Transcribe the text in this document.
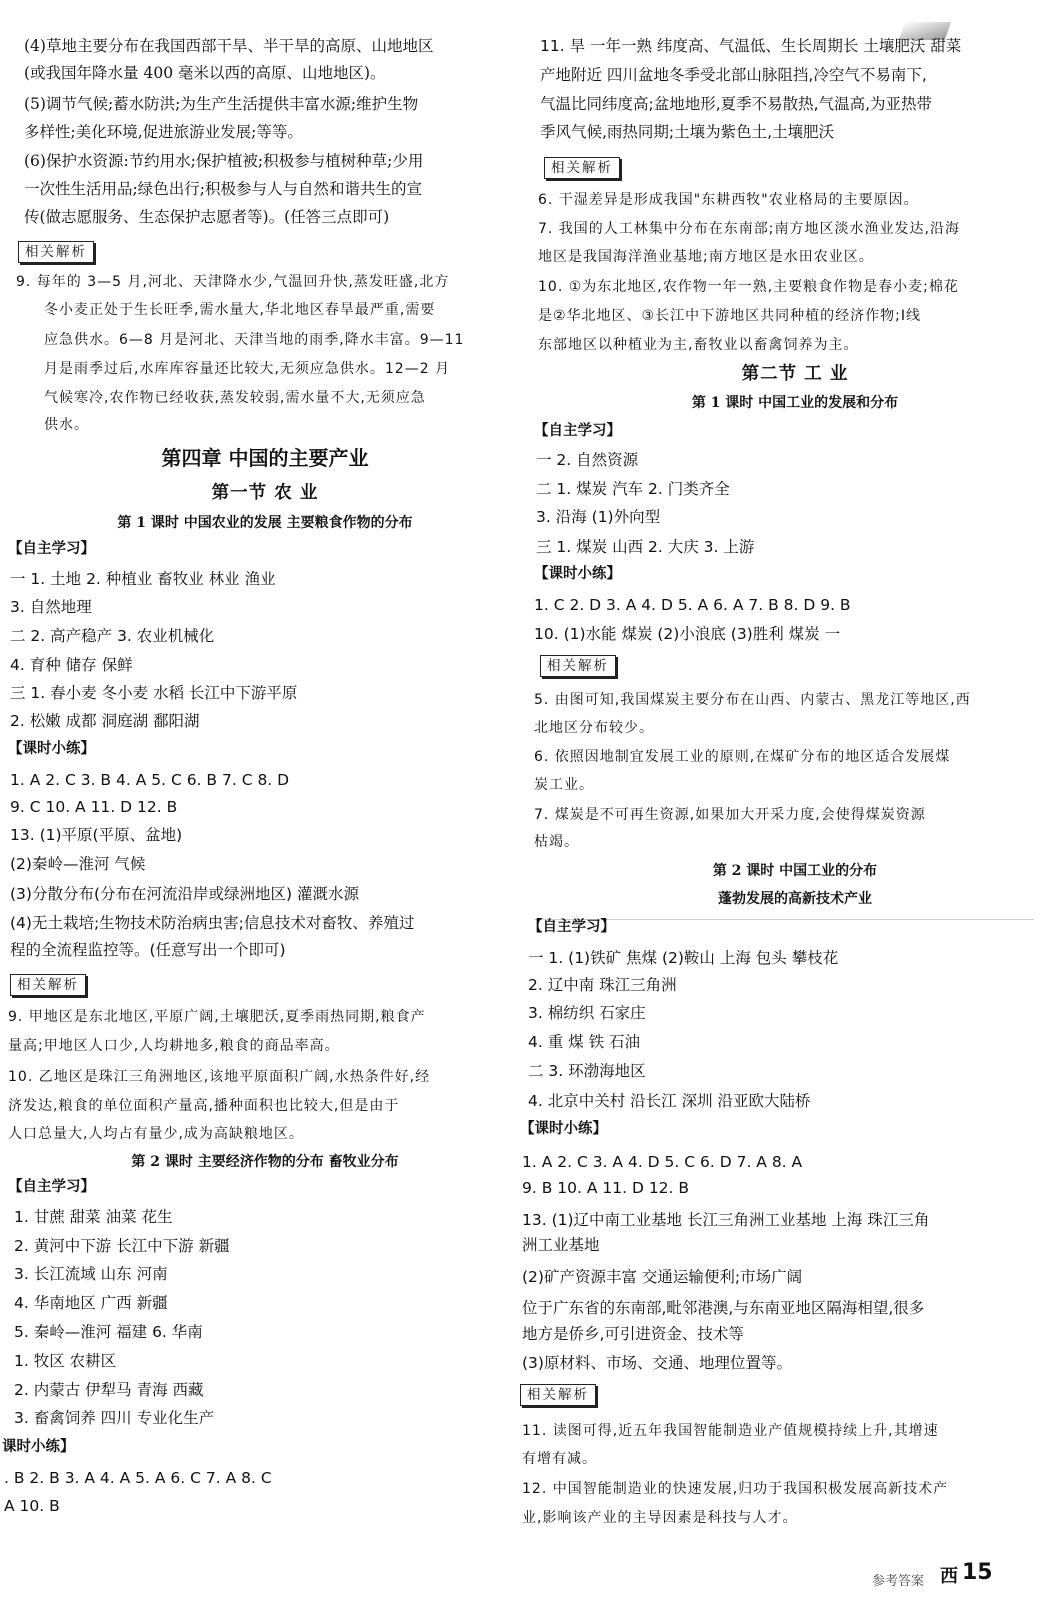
(4)草地主要分布在我国西部干旱、半干旱的高原、山地地区
(或我国年降水量 400 毫米以西的高原、山地地区)。
(5)调节气候;蓄水防洪;为生产生活提供丰富水源;维护生物
多样性;美化环境,促进旅游业发展;等等。
(6)保护水资源:节约用水;保护植被;积极参与植树种草;少用
一次性生活用品;绿色出行;积极参与人与自然和谐共生的宣
传(做志愿服务、生态保护志愿者等)。(任答三点即可)
相关解析
9. 每年的 3—5 月,河北、天津降水少,气温回升快,蒸发旺盛,北方
冬小麦正处于生长旺季,需水量大,华北地区春旱最严重,需要
应急供水。6—8 月是河北、天津当地的雨季,降水丰富。9—11
月是雨季过后,水库库容量还比较大,无须应急供水。12—2 月
气候寒冷,农作物已经收获,蒸发较弱,需水量不大,无须应急
供水。
第四章 中国的主要产业
第一节 农 业
第 1 课时 中国农业的发展 主要粮食作物的分布
【自主学习】
一 1. 土地 2. 种植业 畜牧业 林业 渔业
3. 自然地理
二 2. 高产稳产 3. 农业机械化
4. 育种 储存 保鲜
三 1. 春小麦 冬小麦 水稻 长江中下游平原
2. 松嫩 成都 洞庭湖 鄱阳湖
【课时小练】
1. A 2. C 3. B 4. A 5. C 6. B 7. C 8. D
9. C 10. A 11. D 12. B
13. (1)平原(平原、盆地)
(2)秦岭—淮河 气候
(3)分散分布(分布在河流沿岸或绿洲地区) 灌溉水源
(4)无土栽培;生物技术防治病虫害;信息技术对畜牧、养殖过
程的全流程监控等。(任意写出一个即可)
相关解析
9. 甲地区是东北地区,平原广阔,土壤肥沃,夏季雨热同期,粮食产
量高;甲地区人口少,人均耕地多,粮食的商品率高。
10. 乙地区是珠江三角洲地区,该地平原面积广阔,水热条件好,经
济发达,粮食的单位面积产量高,播种面积也比较大,但是由于
人口总量大,人均占有量少,成为高缺粮地区。
第 2 课时 主要经济作物的分布 畜牧业分布
【自主学习】
1. 甘蔗 甜菜 油菜 花生
2. 黄河中下游 长江中下游 新疆
3. 长江流域 山东 河南
4. 华南地区 广西 新疆
5. 秦岭—淮河 福建 6. 华南
1. 牧区 农耕区
2. 内蒙古 伊犁马 青海 西藏
3. 畜禽饲养 四川 专业化生产
课时小练】
. B 2. B 3. A 4. A 5. A 6. C 7. A 8. C
A 10. B
11. 旱 一年一熟 纬度高、气温低、生长周期长 土壤肥沃 甜菜
产地附近 四川盆地冬季受北部山脉阻挡,冷空气不易南下,
气温比同纬度高;盆地地形,夏季不易散热,气温高,为亚热带
季风气候,雨热同期;土壤为紫色土,土壤肥沃
相关解析
6. 干湿差异是形成我国"东耕西牧"农业格局的主要原因。
7. 我国的人工林集中分布在东南部;南方地区淡水渔业发达,沿海
地区是我国海洋渔业基地;南方地区是水田农业区。
10. ①为东北地区,农作物一年一熟,主要粮食作物是春小麦;棉花
是②华北地区、③长江中下游地区共同种植的经济作物;Ⅰ线
东部地区以种植业为主,畜牧业以畜禽饲养为主。
第二节 工 业
第 1 课时 中国工业的发展和分布
【自主学习】
一 2. 自然资源
二 1. 煤炭 汽车 2. 门类齐全
3. 沿海 (1)外向型
三 1. 煤炭 山西 2. 大庆 3. 上游
【课时小练】
1. C 2. D 3. A 4. D 5. A 6. A 7. B 8. D 9. B
10. (1)水能 煤炭 (2)小浪底 (3)胜利 煤炭 一
相关解析
5. 由图可知,我国煤炭主要分布在山西、内蒙古、黑龙江等地区,西
北地区分布较少。
6. 依照因地制宜发展工业的原则,在煤矿分布的地区适合发展煤
炭工业。
7. 煤炭是不可再生资源,如果加大开采力度,会使得煤炭资源
枯竭。
第 2 课时 中国工业的分布
蓬勃发展的高新技术产业
【自主学习】
一 1. (1)铁矿 焦煤 (2)鞍山 上海 包头 攀枝花
2. 辽中南 珠江三角洲
3. 棉纺织 石家庄
4. 重 煤 铁 石油
二 3. 环渤海地区
4. 北京中关村 沿长江 深圳 沿亚欧大陆桥
【课时小练】
1. A 2. C 3. A 4. D 5. C 6. D 7. A 8. A
9. B 10. A 11. D 12. B
13. (1)辽中南工业基地 长江三角洲工业基地 上海 珠江三角
洲工业基地
(2)矿产资源丰富 交通运输便利;市场广阔
位于广东省的东南部,毗邻港澳,与东南亚地区隔海相望,很多
地方是侨乡,可引进资金、技术等
(3)原材料、市场、交通、地理位置等。
相关解析
11. 读图可得,近五年我国智能制造业产值规模持续上升,其增速
有增有减。
12. 中国智能制造业的快速发展,归功于我国积极发展高新技术产
业,影响该产业的主导因素是科技与人才。
参考答案 西 15
